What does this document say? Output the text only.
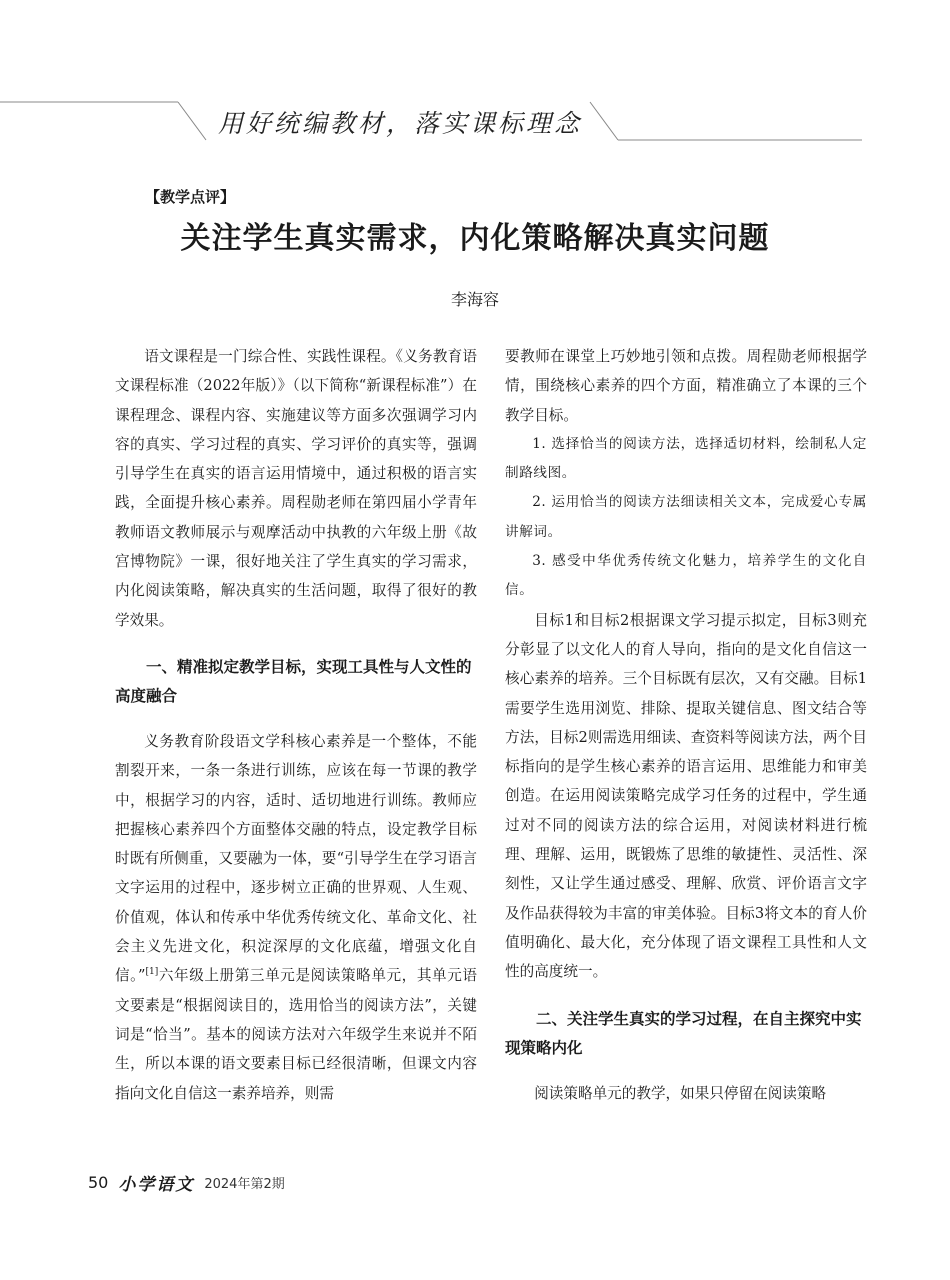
用好统编教材，落实课标理念
【教学点评】
关注学生真实需求，内化策略解决真实问题
李海容

语文课程是一门综合性、实践性课程。《义务教育语文课程标准（2022年版）》（以下简称“新课程标准”）在课程理念、课程内容、实施建议等方面多次强调学习内容的真实、学习过程的真实、学习评价的真实等，强调引导学生在真实的语言运用情境中，通过积极的语言实践，全面提升核心素养。周程勋老师在第四届小学青年教师语文教师展示与观摩活动中执教的六年级上册《故宫博物院》一课，很好地关注了学生真实的学习需求，内化阅读策略，解决真实的生活问题，取得了很好的教学效果。

一、精准拟定教学目标，实现工具性与人文性的高度融合

义务教育阶段语文学科核心素养是一个整体，不能割裂开来，一条一条进行训练，应该在每一节课的教学中，根据学习的内容，适时、适切地进行训练。教师应把握核心素养四个方面整体交融的特点，设定教学目标时既有所侧重，又要融为一体，要“引导学生在学习语言文字运用的过程中，逐步树立正确的世界观、人生观、价值观，体认和传承中华优秀传统文化、革命文化、社会主义先进文化，积淀深厚的文化底蕴，增强文化自信。”[1]六年级上册第三单元是阅读策略单元，其单元语文要素是“根据阅读目的，选用恰当的阅读方法”，关键词是“恰当”。基本的阅读方法对六年级学生来说并不陌生，所以本课的语文要素目标已经很清晰，但课文内容指向文化自信这一素养培养，则需

要教师在课堂上巧妙地引领和点拨。周程勋老师根据学情，围绕核心素养的四个方面，精准确立了本课的三个教学目标。

1. 选择恰当的阅读方法，选择适切材料，绘制私人定制路线图。

2. 运用恰当的阅读方法细读相关文本，完成爱心专属讲解词。

3. 感受中华优秀传统文化魅力，培养学生的文化自信。

目标1和目标2根据课文学习提示拟定，目标3则充分彰显了以文化人的育人导向，指向的是文化自信这一核心素养的培养。三个目标既有层次，又有交融。目标1需要学生选用浏览、排除、提取关键信息、图文结合等方法，目标2则需选用细读、查资料等阅读方法，两个目标指向的是学生核心素养的语言运用、思维能力和审美创造。在运用阅读策略完成学习任务的过程中，学生通过对不同的阅读方法的综合运用，对阅读材料进行梳理、理解、运用，既锻炼了思维的敏捷性、灵活性、深刻性，又让学生通过感受、理解、欣赏、评价语言文字及作品获得较为丰富的审美体验。目标3将文本的育人价值明确化、最大化，充分体现了语文课程工具性和人文性的高度统一。

二、关注学生真实的学习过程，在自主探究中实现策略内化

阅读策略单元的教学，如果只停留在阅读策略

50 小学语文 2024年第2期
